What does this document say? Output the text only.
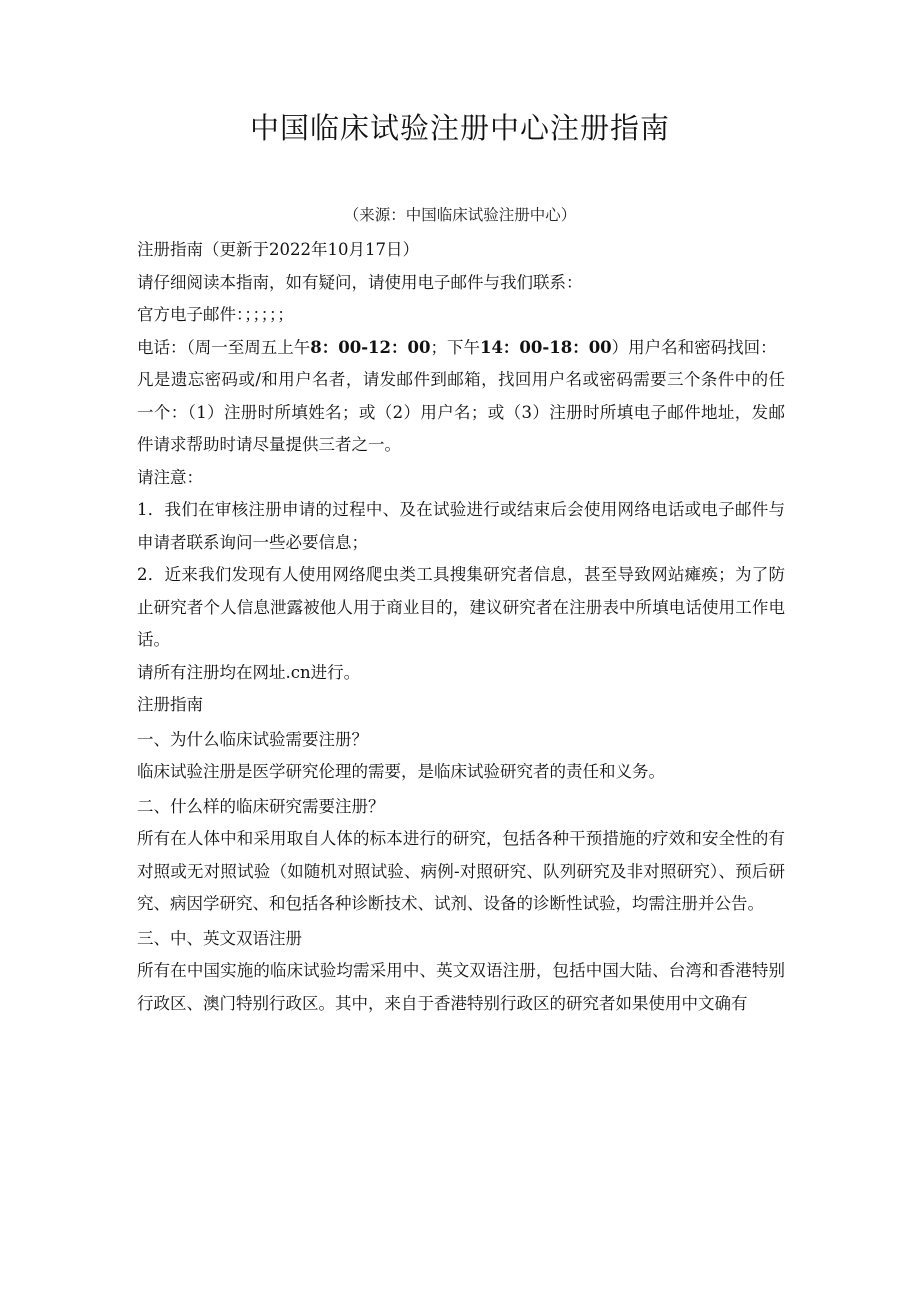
中国临床试验注册中心注册指南
（来源：中国临床试验注册中心）

注册指南（更新于2022年10月17日）

请仔细阅读本指南，如有疑问，请使用电子邮件与我们联系：

官方电子邮件：；；；；；

电话：（周一至周五上午8：00-12：00；下午14：00-18：00）用户名和密码找回：

凡是遗忘密码或/和用户名者，请发邮件到邮箱，找回用户名或密码需要三个条件中的任一个：（1）注册时所填姓名；或（2）用户名；或（3）注册时所填电子邮件地址，发邮件请求帮助时请尽量提供三者之一。

请注意：

1．我们在审核注册申请的过程中、及在试验进行或结束后会使用网络电话或电子邮件与申请者联系询问一些必要信息；

2．近来我们发现有人使用网络爬虫类工具搜集研究者信息，甚至导致网站瘫痪；为了防止研究者个人信息泄露被他人用于商业目的，建议研究者在注册表中所填电话使用工作电话。

请所有注册均在网址.cn进行。

注册指南

一、为什么临床试验需要注册？

临床试验注册是医学研究伦理的需要，是临床试验研究者的责任和义务。

二、什么样的临床研究需要注册？

所有在人体中和采用取自人体的标本进行的研究，包括各种干预措施的疗效和安全性的有对照或无对照试验（如随机对照试验、病例-对照研究、队列研究及非对照研究）、预后研究、病因学研究、和包括各种诊断技术、试剂、设备的诊断性试验，均需注册并公告。

三、中、英文双语注册

所有在中国实施的临床试验均需采用中、英文双语注册，包括中国大陆、台湾和香港特别行政区、澳门特别行政区。其中，来自于香港特别行政区的研究者如果使用中文确有
